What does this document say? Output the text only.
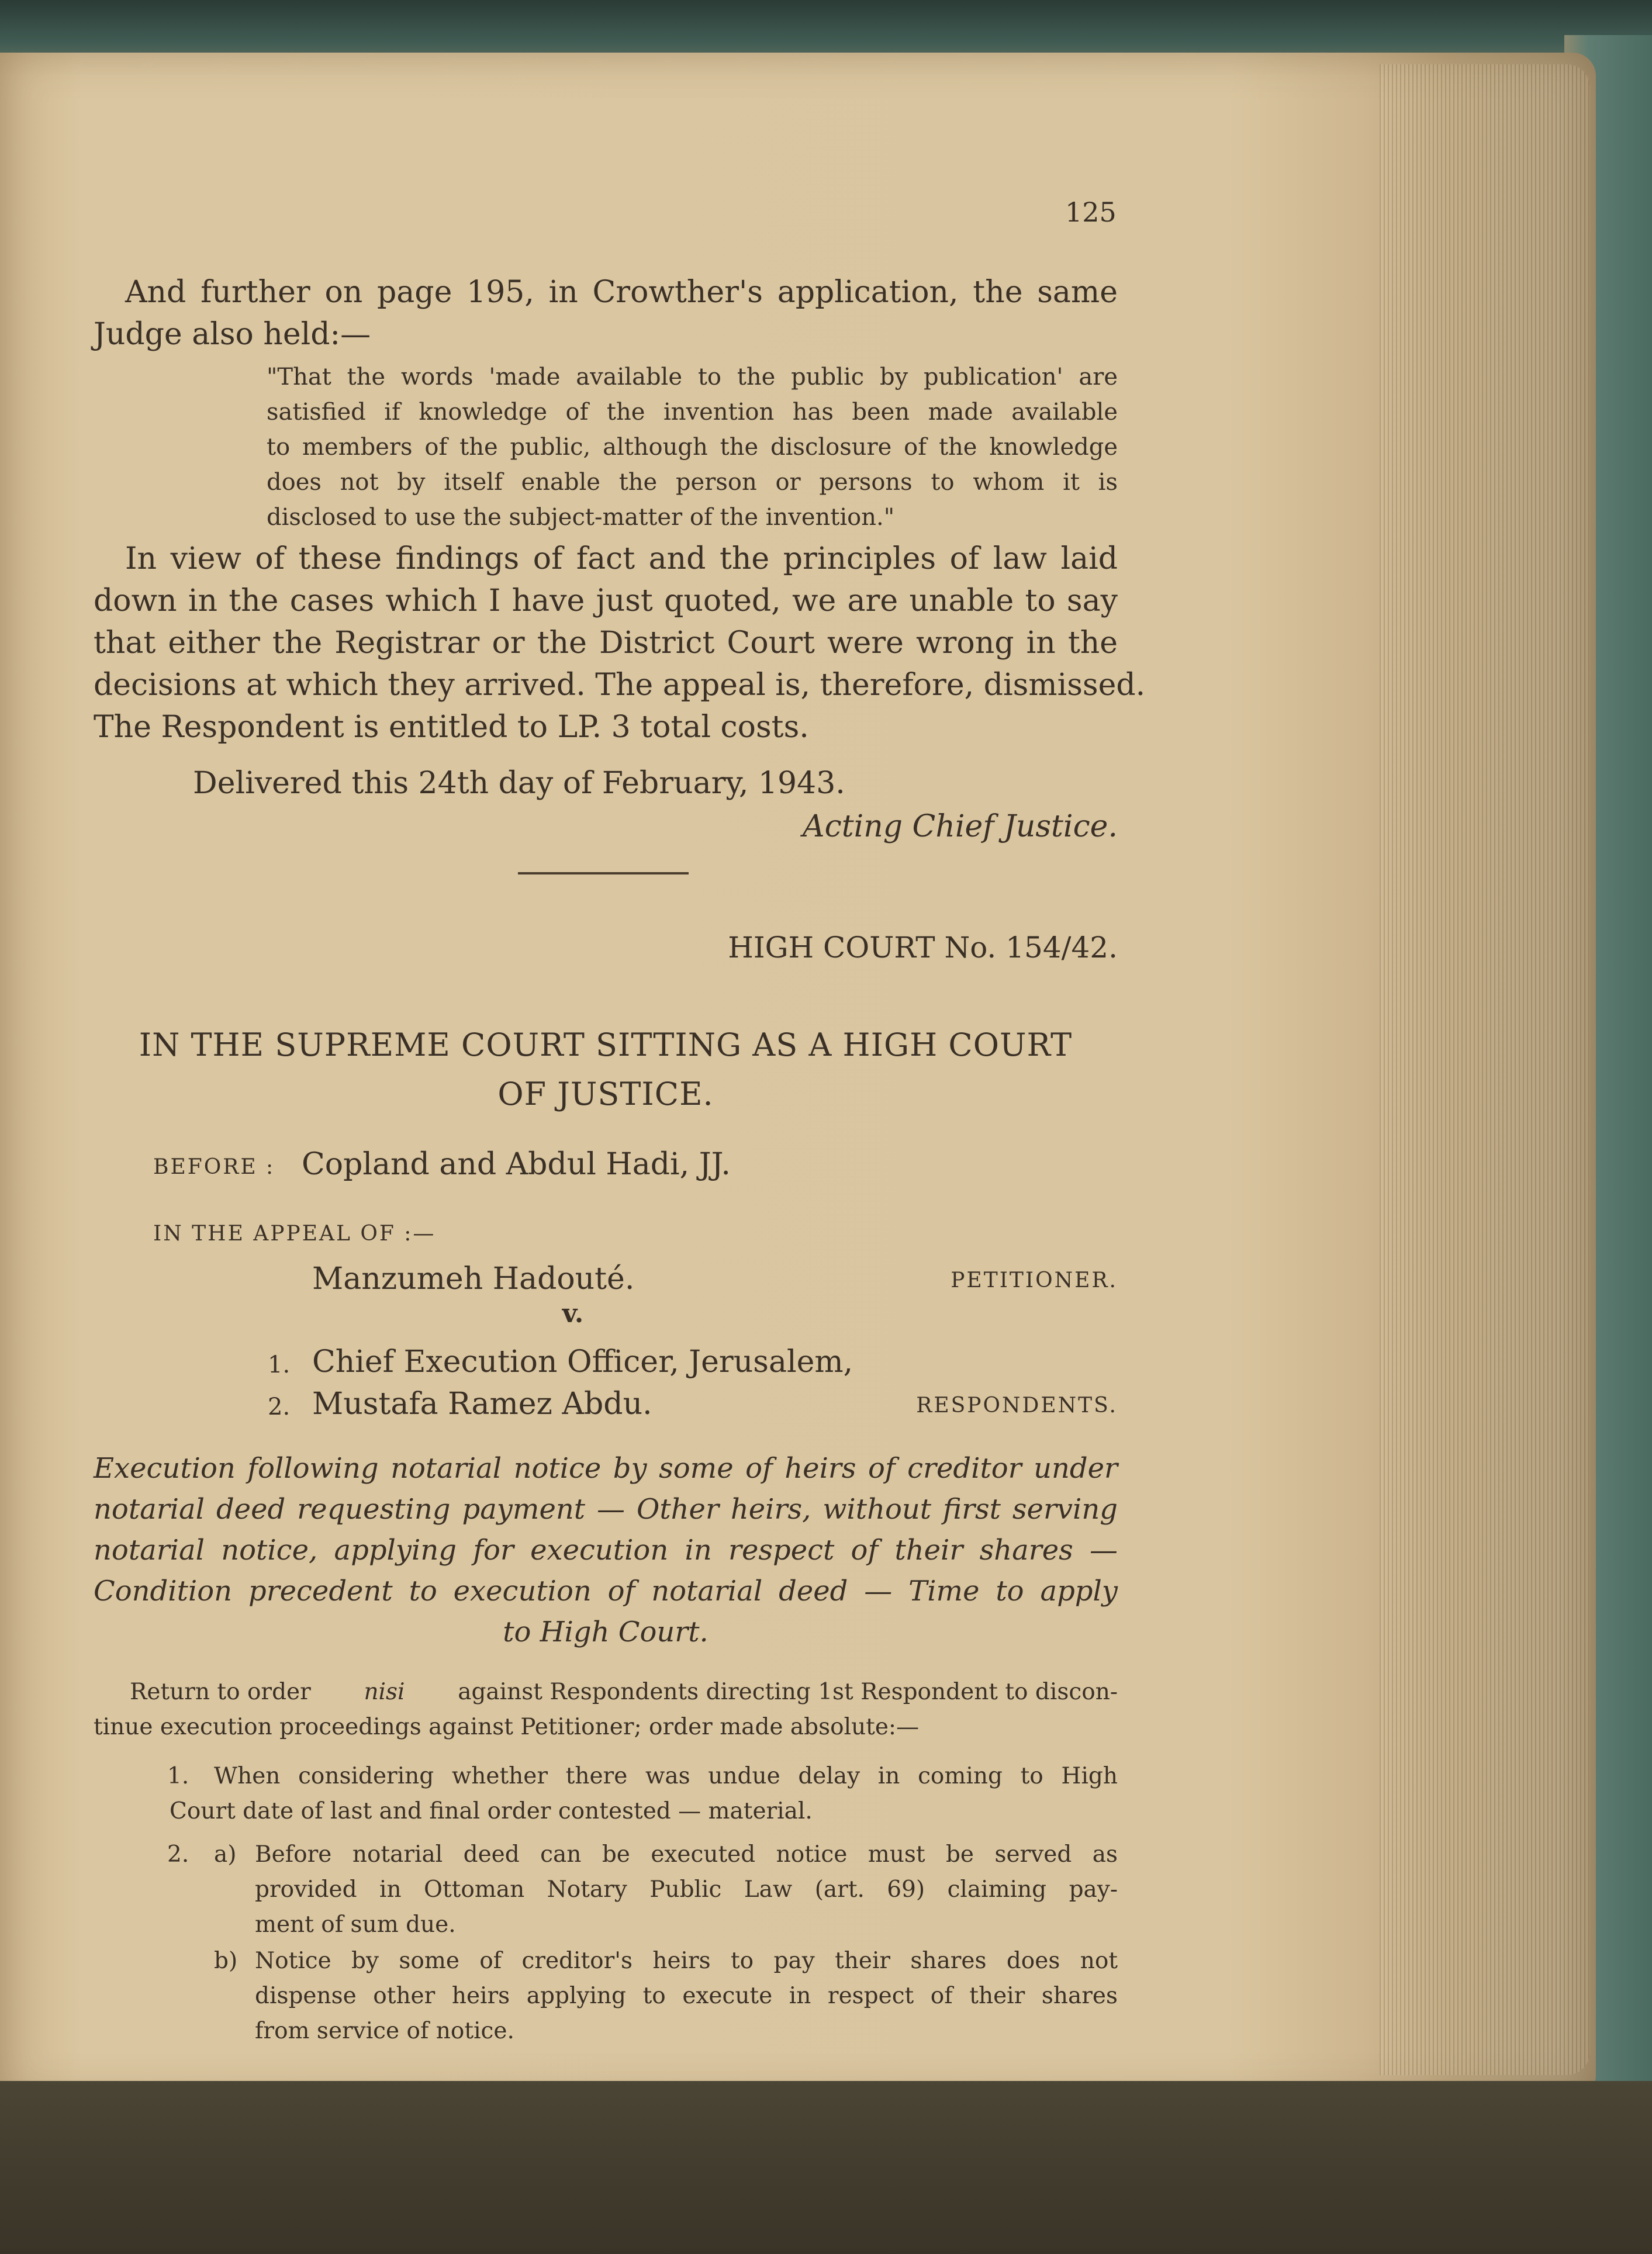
125

And further on page 195, in Crowther's application, the same

Judge also held:—

"That the words 'made available to the public by publication' are

satisfied if knowledge of the invention has been made available

to members of the public, although the disclosure of the knowledge

does not by itself enable the person or persons to whom it is

disclosed to use the subject-matter of the invention."

In view of these findings of fact and the principles of law laid

down in the cases which I have just quoted, we are unable to say

that either the Registrar or the District Court were wrong in the

decisions at which they arrived. The appeal is, therefore, dismissed.

The Respondent is entitled to LP. 3 total costs.

Delivered this 24th day of February, 1943.
Acting Chief Justice.
HIGH COURT No. 154/42.
IN THE SUPREME COURT SITTING AS A HIGH COURT
OF JUSTICE.
BEFORE : Copland and Abdul Hadi, JJ.
IN THE APPEAL OF :—
Manzumeh Hadouté.	PETITIONER.
v.
1. Chief Execution Officer, Jerusalem,
2. Mustafa Ramez Abdu.	RESPONDENTS.

Execution following notarial notice by some of heirs of creditor under

notarial deed requesting payment — Other heirs, without first serving

notarial notice, applying for execution in respect of their shares —

Condition precedent to execution of notarial deed — Time to apply

to High Court.

Return to order nisi against Respondents directing 1st Respondent to discon-

tinue execution proceedings against Petitioner; order made absolute:—

1. When considering whether there was undue delay in coming to High

Court date of last and final order contested — material.

2. a) Before notarial deed can be executed notice must be served as

provided in Ottoman Notary Public Law (art. 69) claiming pay-

ment of sum due.

b) Notice by some of creditor's heirs to pay their shares does not

dispense other heirs applying to execute in respect of their shares

from service of notice.
